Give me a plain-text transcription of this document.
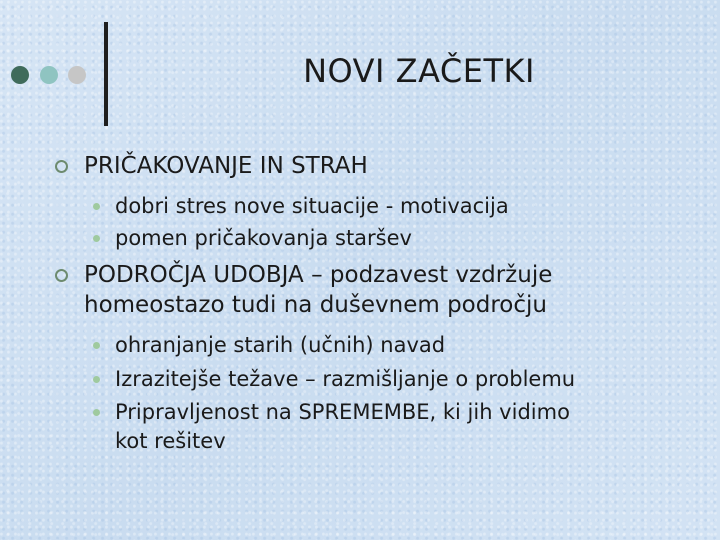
NOVI ZAČETKI
PRIČAKOVANJE IN STRAH
dobri stres nove situacije - motivacija
pomen pričakovanja staršev
PODROČJA UDOBJA – podzavest vzdržuje
homeostazo tudi na duševnem področju
ohranjanje starih (učnih) navad
Izrazitejše težave – razmišljanje o problemu
Pripravljenost na SPREMEMBE, ki jih vidimo
kot rešitev
